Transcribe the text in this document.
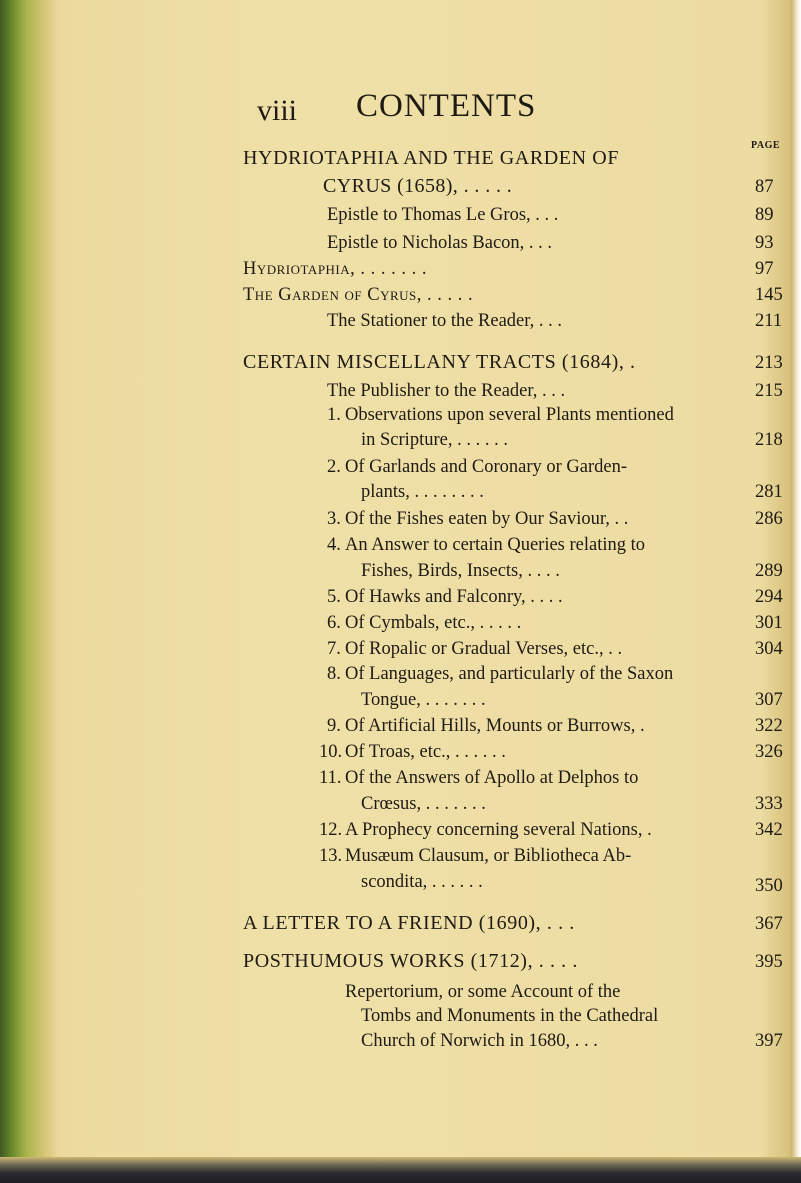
viii CONTENTS
PAGE
HYDRIOTAPHIA AND THE GARDEN OF
CYRUS (1658), . . . . .	87
Epistle to Thomas Le Gros, . . .	89
Epistle to Nicholas Bacon, . . .	93
Hydriotaphia, . . . . . . .	97
The Garden of Cyrus, . . . . .	145
The Stationer to the Reader, . . .	211
CERTAIN MISCELLANY TRACTS (1684), .	213
The Publisher to the Reader, . . .	215
1. Observations upon several Plants mentioned
in Scripture, . . . . . .	218
2. Of Garlands and Coronary or Garden-
plants, . . . . . . . .	281
3. Of the Fishes eaten by Our Saviour, . .	286
4. An Answer to certain Queries relating to
Fishes, Birds, Insects, . . . .	289
5. Of Hawks and Falconry, . . . .	294
6. Of Cymbals, etc., . . . . .	301
7. Of Ropalic or Gradual Verses, etc., . .	304
8. Of Languages, and particularly of the Saxon
Tongue, . . . . . . .	307
9. Of Artificial Hills, Mounts or Burrows, .	322
10. Of Troas, etc., . . . . . .	326
11. Of the Answers of Apollo at Delphos to
Crœsus, . . . . . . .	333
12. A Prophecy concerning several Nations, .	342
13. Musæum Clausum, or Bibliotheca Ab-
scondita, . . . . . .	350
A LETTER TO A FRIEND (1690), . . .	367
POSTHUMOUS WORKS (1712), . . . .	395
Repertorium, or some Account of the
Tombs and Monuments in the Cathedral
Church of Norwich in 1680, . . .	397
